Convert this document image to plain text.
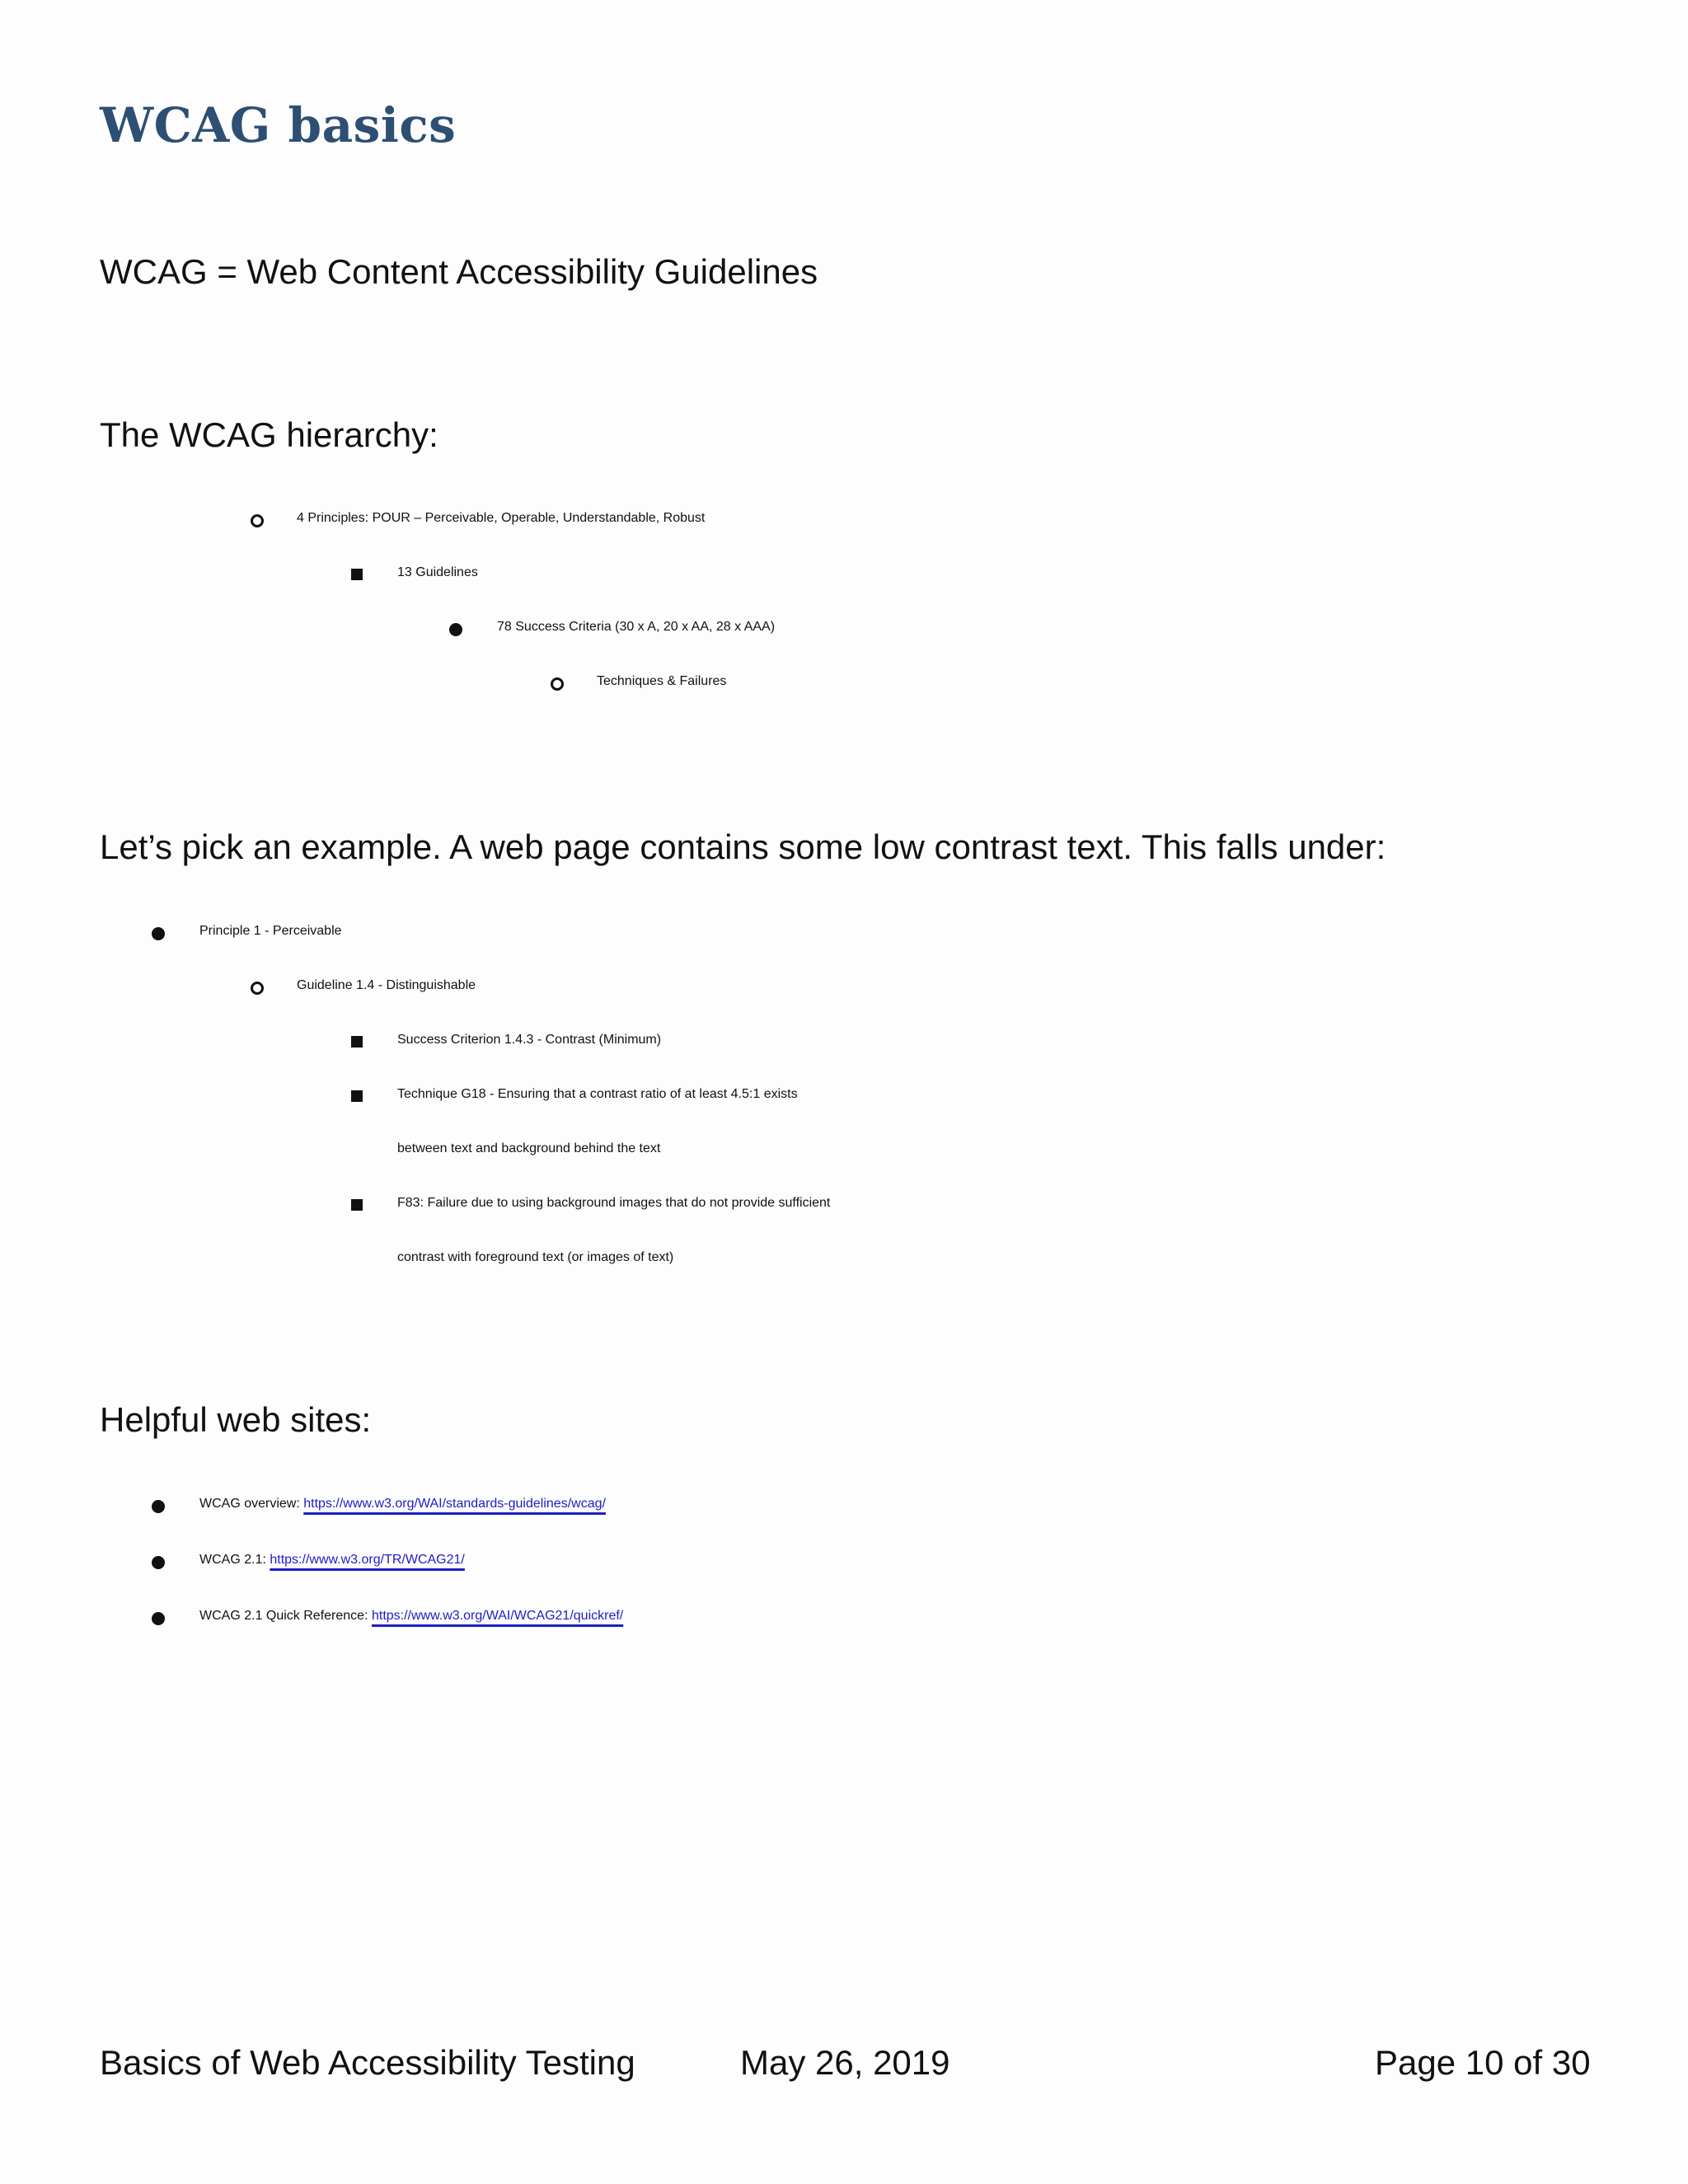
WCAG basics

WCAG = Web Content Accessibility Guidelines

The WCAG hierarchy:

4 Principles: POUR – Perceivable, Operable, Understandable, Robust
13 Guidelines
78 Success Criteria (30 x A, 20 x AA, 28 x AAA)
Techniques & Failures

Let’s pick an example. A web page contains some low contrast text. This falls under:

Principle 1 - Perceivable
Guideline 1.4 - Distinguishable
Success Criterion 1.4.3 - Contrast (Minimum)
Technique G18 - Ensuring that a contrast ratio of at least 4.5:1 exists
between text and background behind the text
F83: Failure due to using background images that do not provide sufficient
contrast with foreground text (or images of text)

Helpful web sites:

WCAG overview: https://www.w3.org/WAI/standards-guidelines/wcag/
WCAG 2.1: https://www.w3.org/TR/WCAG21/
WCAG 2.1 Quick Reference: https://www.w3.org/WAI/WCAG21/quickref/
Basics of Web Accessibility Testing	May 26, 2019	Page 10 of 30
